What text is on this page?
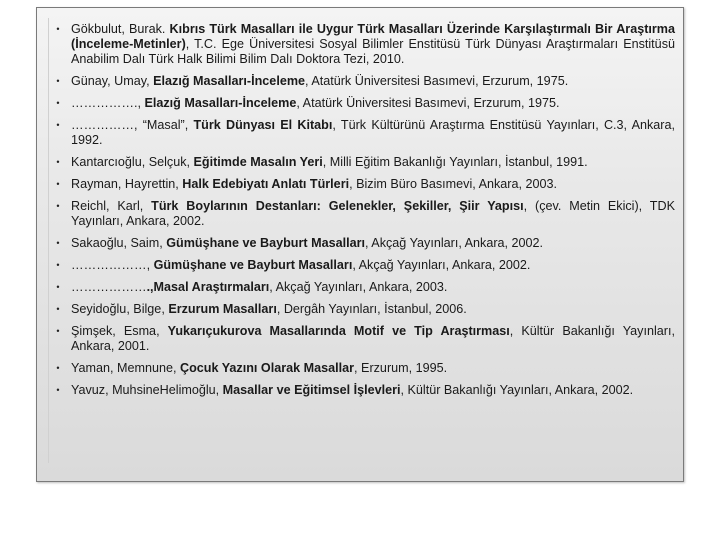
• Gökbulut, Burak. Kıbrıs Türk Masalları ile Uygur Türk Masalları Üzerinde Karşılaştırmalı Bir Araştırma (İnceleme-Metinler), T.C. Ege Üniversitesi Sosyal Bilimler Enstitüsü Türk Dünyası Araştırmaları Enstitüsü Anabilim Dalı Türk Halk Bilimi Bilim Dalı Doktora Tezi, 2010.
• Günay, Umay, Elazığ Masalları-İnceleme, Atatürk Üniversitesi Basımevi, Erzurum, 1975.
• ……………., Elazığ Masalları-İnceleme, Atatürk Üniversitesi Basımevi, Erzurum, 1975.
• ……………, “Masal”, Türk Dünyası El Kitabı, Türk Kültürünü Araştırma Enstitüsü Yayınları, C.3, Ankara, 1992.
• Kantarcıoğlu, Selçuk, Eğitimde Masalın Yeri, Milli Eğitim Bakanlığı Yayınları, İstanbul, 1991.
• Rayman, Hayrettin, Halk Edebiyatı Anlatı Türleri, Bizim Büro Basımevi, Ankara, 2003.
• Reichl, Karl, Türk Boylarının Destanları: Gelenekler, Şekiller, Şiir Yapısı, (çev. Metin Ekici), TDK Yayınları, Ankara, 2002.
• Sakaoğlu, Saim, Gümüşhane ve Bayburt Masalları, Akçağ Yayınları, Ankara, 2002.
• ………………, Gümüşhane ve Bayburt Masalları, Akçağ Yayınları, Ankara, 2002.
• ……………….,Masal Araştırmaları, Akçağ Yayınları, Ankara, 2003.
• Seyidoğlu, Bilge, Erzurum Masalları, Dergâh Yayınları, İstanbul, 2006.
• Şimşek, Esma, Yukarıçukurova Masallarında Motif ve Tip Araştırması, Kültür Bakanlığı Yayınları, Ankara, 2001.
• Yaman, Memnune, Çocuk Yazını Olarak Masallar, Erzurum, 1995.
• Yavuz, MuhsineHelimoğlu, Masallar ve Eğitimsel İşlevleri, Kültür Bakanlığı Yayınları, Ankara, 2002.
